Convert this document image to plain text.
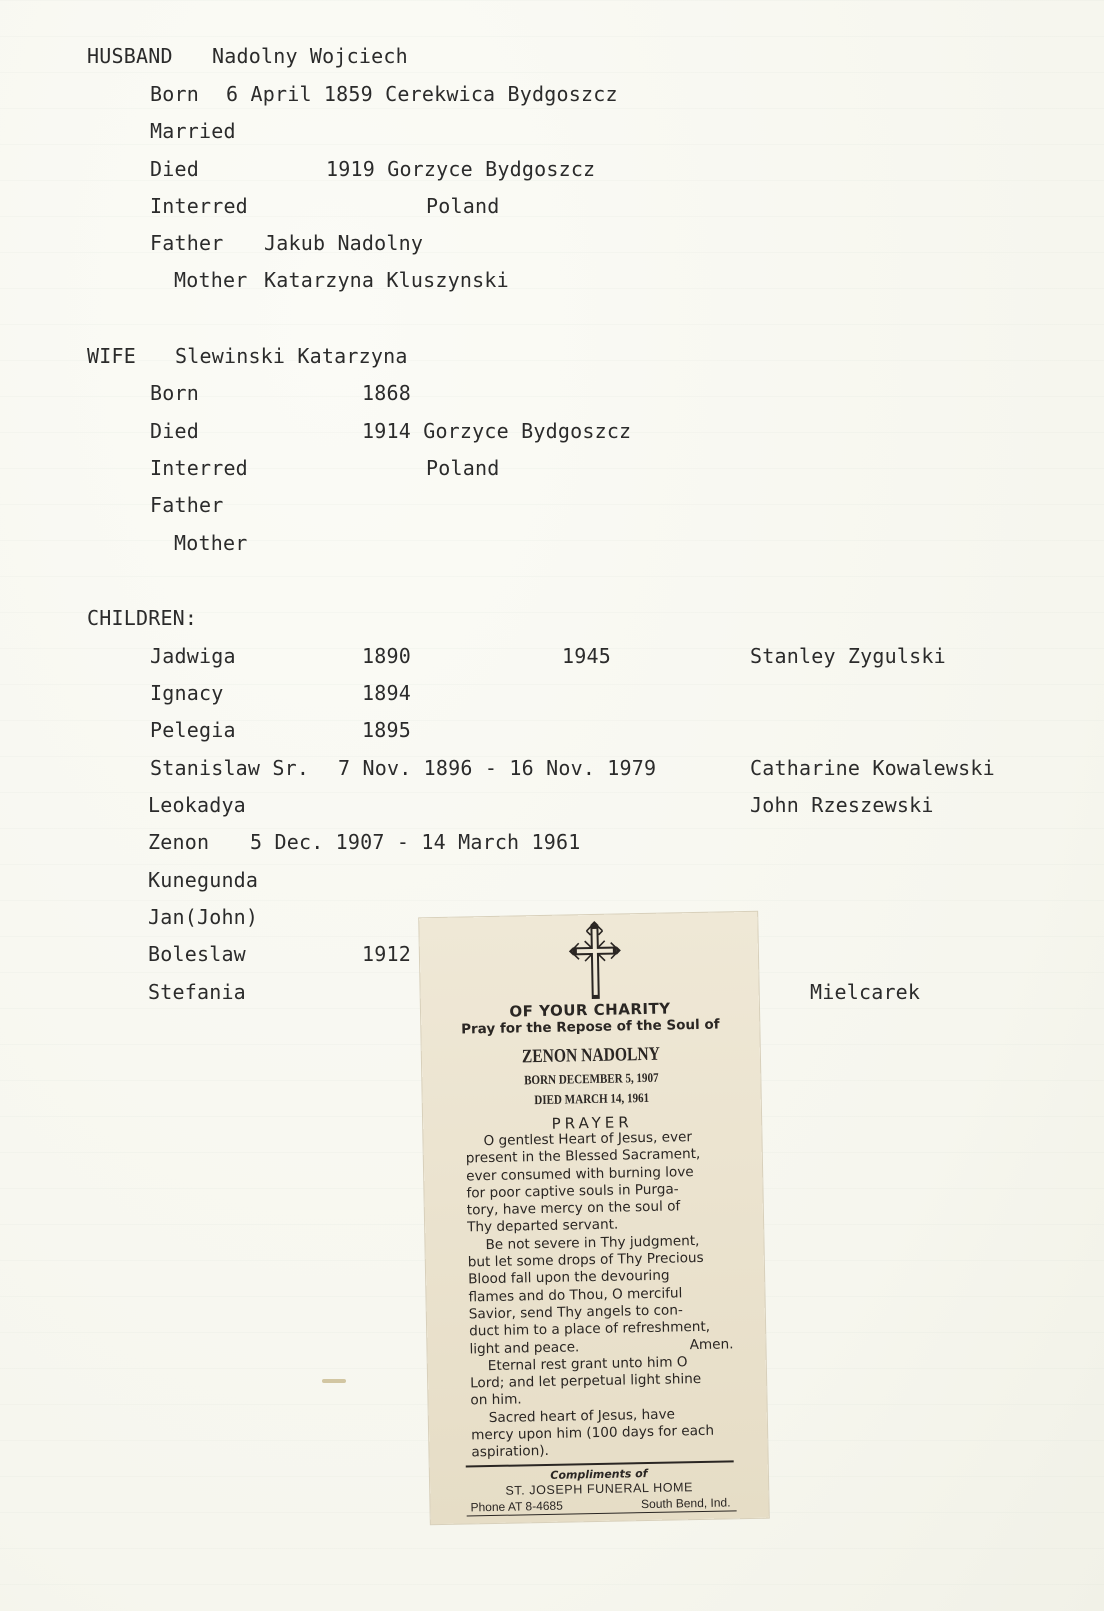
HUSBAND Nadolny Wojciech
Born 6 April 1859 Cerekwica Bydgoszcz
Married
Died	1919 Gorzyce Bydgoszcz
Interred	Poland
Father Jakub Nadolny
Mother Katarzyna Kluszynski
WIFE Slewinski Katarzyna
Born	1868
Died	1914 Gorzyce Bydgoszcz
Interred	Poland
Father
Mother
CHILDREN:
Jadwiga	1890	1945	Stanley Zygulski
Ignacy	1894
Pelegia	1895
Stanislaw Sr. 7 Nov. 1896 - 16 Nov. 1979	Catharine Kowalewski
Leokadya	John Rzeszewski
Zenon 5 Dec. 1907 - 14 March 1961
Kunegunda
Jan(John)
Boleslaw	1912
Stefania	Mielcarek
OF YOUR CHARITY
Pray for the Repose of the Soul of
ZENON NADOLNY
BORN DECEMBER 5, 1907
DIED MARCH 14, 1961
PRAYER
O gentlest Heart of Jesus, ever
present in the Blessed Sacrament,
ever consumed with burning love
for poor captive souls in Purga-
tory, have mercy on the soul of
Thy departed servant.
Be not severe in Thy judgment,
but let some drops of Thy Precious
Blood fall upon the devouring
flames and do Thou, O merciful
Savior, send Thy angels to con-
duct him to a place of refreshment,
light and peace.	Amen.
Eternal rest grant unto him O
Lord; and let perpetual light shine
on him.
Sacred heart of Jesus, have
mercy upon him (100 days for each
aspiration).
Compliments of
ST. JOSEPH FUNERAL HOME
Phone AT 8-4685	South Bend, Ind.
